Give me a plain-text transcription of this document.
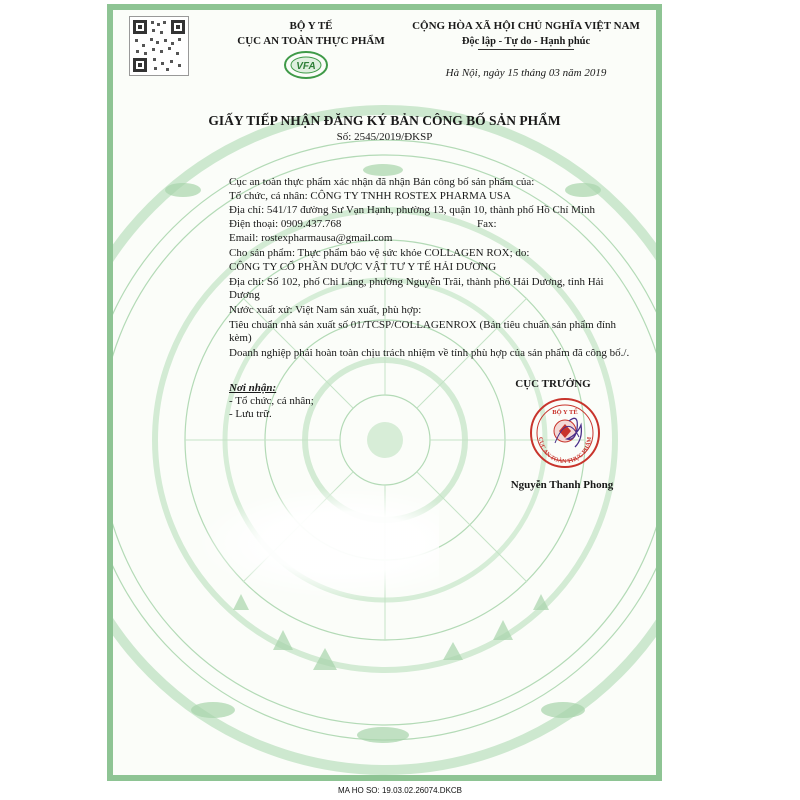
BỘ Y TẾ
CỤC AN TOÀN THỰC PHẨM
VFA
CỘNG HÒA XÃ HỘI CHỦ NGHĨA VIỆT NAM
Độc lập - Tự do - Hạnh phúc
Hà Nội, ngày 15 tháng 03 năm 2019
GIẤY TIẾP NHẬN ĐĂNG KÝ BẢN CÔNG BỐ SẢN PHẨM
Số: 2545/2019/ĐKSP
Cục an toàn thực phẩm xác nhận đã nhận Bản công bố sản phẩm của:
Tổ chức, cá nhân: CÔNG TY TNHH ROSTEX PHARMA USA
Địa chỉ: 541/17 đường Sư Vạn Hạnh, phường 13, quận 10, thành phố Hồ Chí Minh
Điện thoại: 0909.437.768	Fax:
Email: rostexpharmausa@gmail.com
Cho sản phẩm: Thực phẩm bảo vệ sức khỏe COLLAGEN ROX; do:
CÔNG TY CỔ PHẦN DƯỢC VẬT TƯ Y TẾ HẢI DƯƠNG
Địa chỉ: Số 102, phố Chi Lăng, phường Nguyễn Trãi, thành phố Hải Dương, tỉnh Hải
Dương
Nước xuất xứ: Việt Nam sản xuất, phù hợp:
Tiêu chuẩn nhà sản xuất số 01/TCSP/COLLAGENROX (Bản tiêu chuẩn sản phẩm đính
kèm)
Doanh nghiệp phải hoàn toàn chịu trách nhiệm về tính phù hợp của sản phẩm đã công bố./.
Nơi nhận:
- Tổ chức, cá nhân;
- Lưu trữ.
CỤC TRƯỞNG
BỘ Y TẾ
CỤC AN TOÀN THỰC PHẨM
Nguyễn Thanh Phong
MA HO SO: 19.03.02.26074.DKCB
